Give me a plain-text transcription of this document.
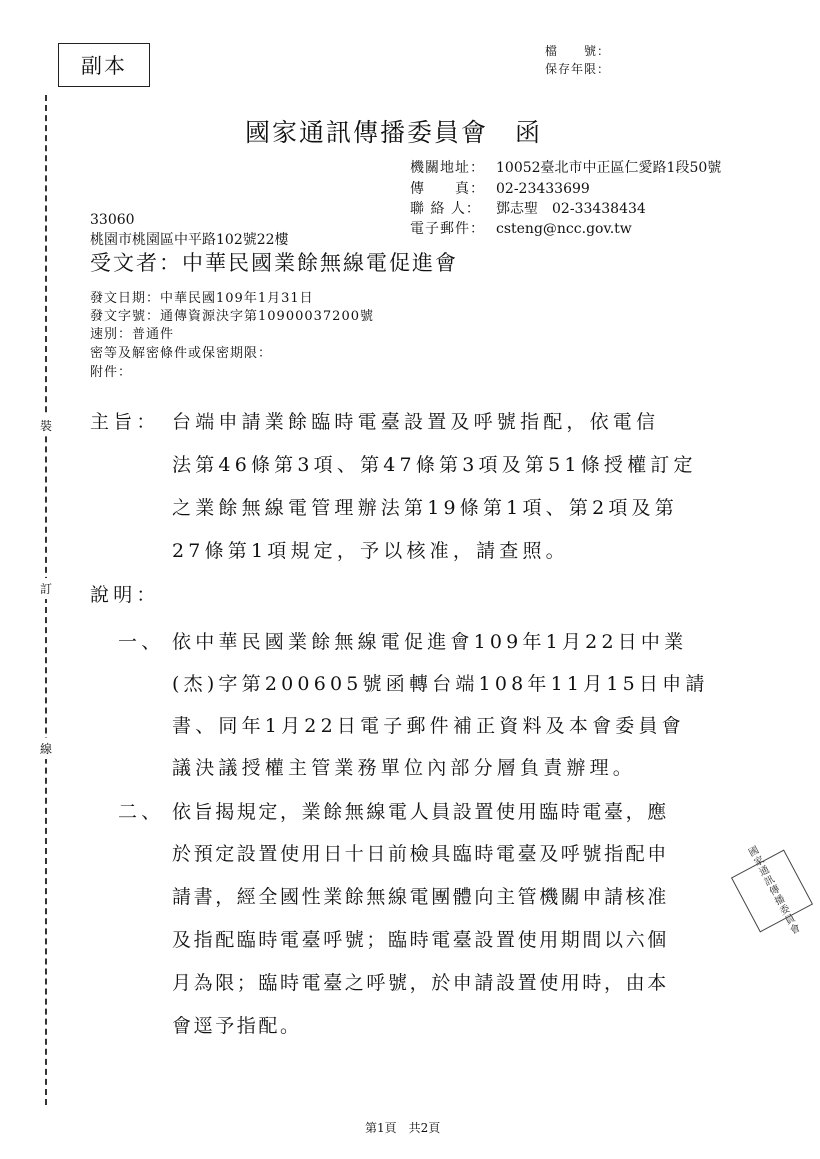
副本
檔　　號：
保存年限：
裝
訂
線
國家通訊傳播委員會　函
機關地址： 10052臺北市中正區仁愛路1段50號
傳　　真： 02-23433699
聯 絡 人： 鄧志聖　02-33438434
電子郵件： csteng@ncc.gov.tw
33060
桃園市桃園區中平路102號22樓
受文者：中華民國業餘無線電促進會
發文日期：中華民國109年1月31日
發文字號：通傳資源決字第10900037200號
速別：普通件
密等及解密條件或保密期限：
附件：
主旨： 台端申請業餘臨時電臺設置及呼號指配，依電信
法第46條第3項、第47條第3項及第51條授權訂定
之業餘無線電管理辦法第19條第1項、第2項及第
27條第1項規定，予以核准，請查照。
說明：
一、 依中華民國業餘無線電促進會109年1月22日中業
(杰)字第200605號函轉台端108年11月15日申請
書、同年1月22日電子郵件補正資料及本會委員會
議決議授權主管業務單位內部分層負責辦理。
二、 依旨揭規定，業餘無線電人員設置使用臨時電臺，應
於預定設置使用日十日前檢具臨時電臺及呼號指配申
請書，經全國性業餘無線電團體向主管機關申請核准
及指配臨時電臺呼號；臨時電臺設置使用期間以六個
月為限；臨時電臺之呼號，於申請設置使用時，由本
會逕予指配。
國家通訊傳播委員會
第1頁　共2頁
